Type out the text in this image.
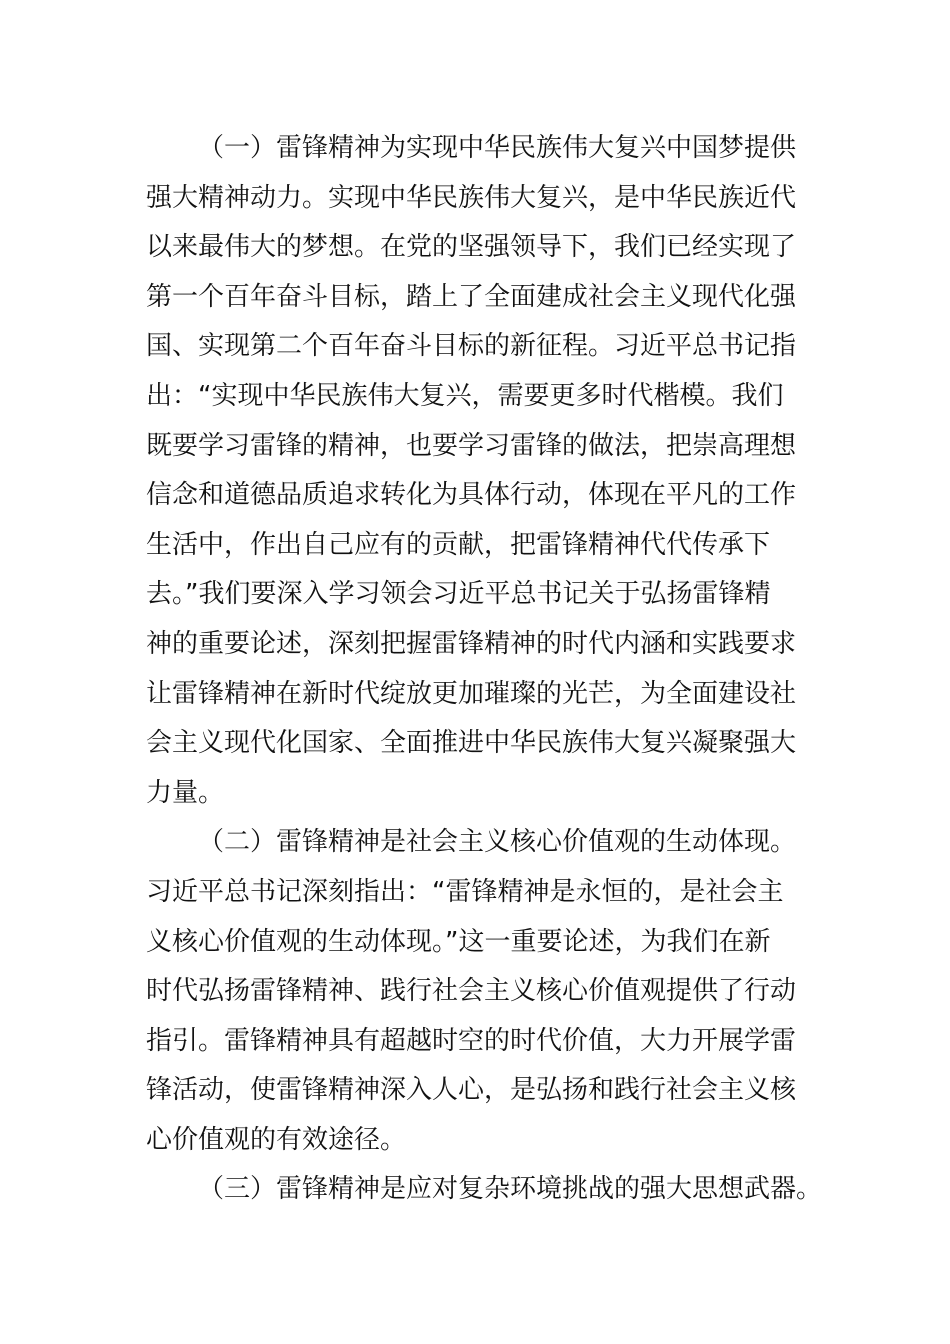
（一）雷锋精神为实现中华民族伟大复兴中国梦提供
强大精神动力。实现中华民族伟大复兴，是中华民族近代
以来最伟大的梦想。在党的坚强领导下，我们已经实现了
第一个百年奋斗目标，踏上了全面建成社会主义现代化强
国、实现第二个百年奋斗目标的新征程。习近平总书记指
出：“实现中华民族伟大复兴，需要更多时代楷模。我们
既要学习雷锋的精神，也要学习雷锋的做法，把崇高理想
信念和道德品质追求转化为具体行动，体现在平凡的工作
生活中，作出自己应有的贡献，把雷锋精神代代传承下
去。”我们要深入学习领会习近平总书记关于弘扬雷锋精
神的重要论述，深刻把握雷锋精神的时代内涵和实践要求
让雷锋精神在新时代绽放更加璀璨的光芒，为全面建设社
会主义现代化国家、全面推进中华民族伟大复兴凝聚强大
力量。
（二）雷锋精神是社会主义核心价值观的生动体现。
习近平总书记深刻指出：“雷锋精神是永恒的，是社会主
义核心价值观的生动体现。”这一重要论述，为我们在新
时代弘扬雷锋精神、践行社会主义核心价值观提供了行动
指引。雷锋精神具有超越时空的时代价值，大力开展学雷
锋活动，使雷锋精神深入人心，是弘扬和践行社会主义核
心价值观的有效途径。
（三）雷锋精神是应对复杂环境挑战的强大思想武器。
